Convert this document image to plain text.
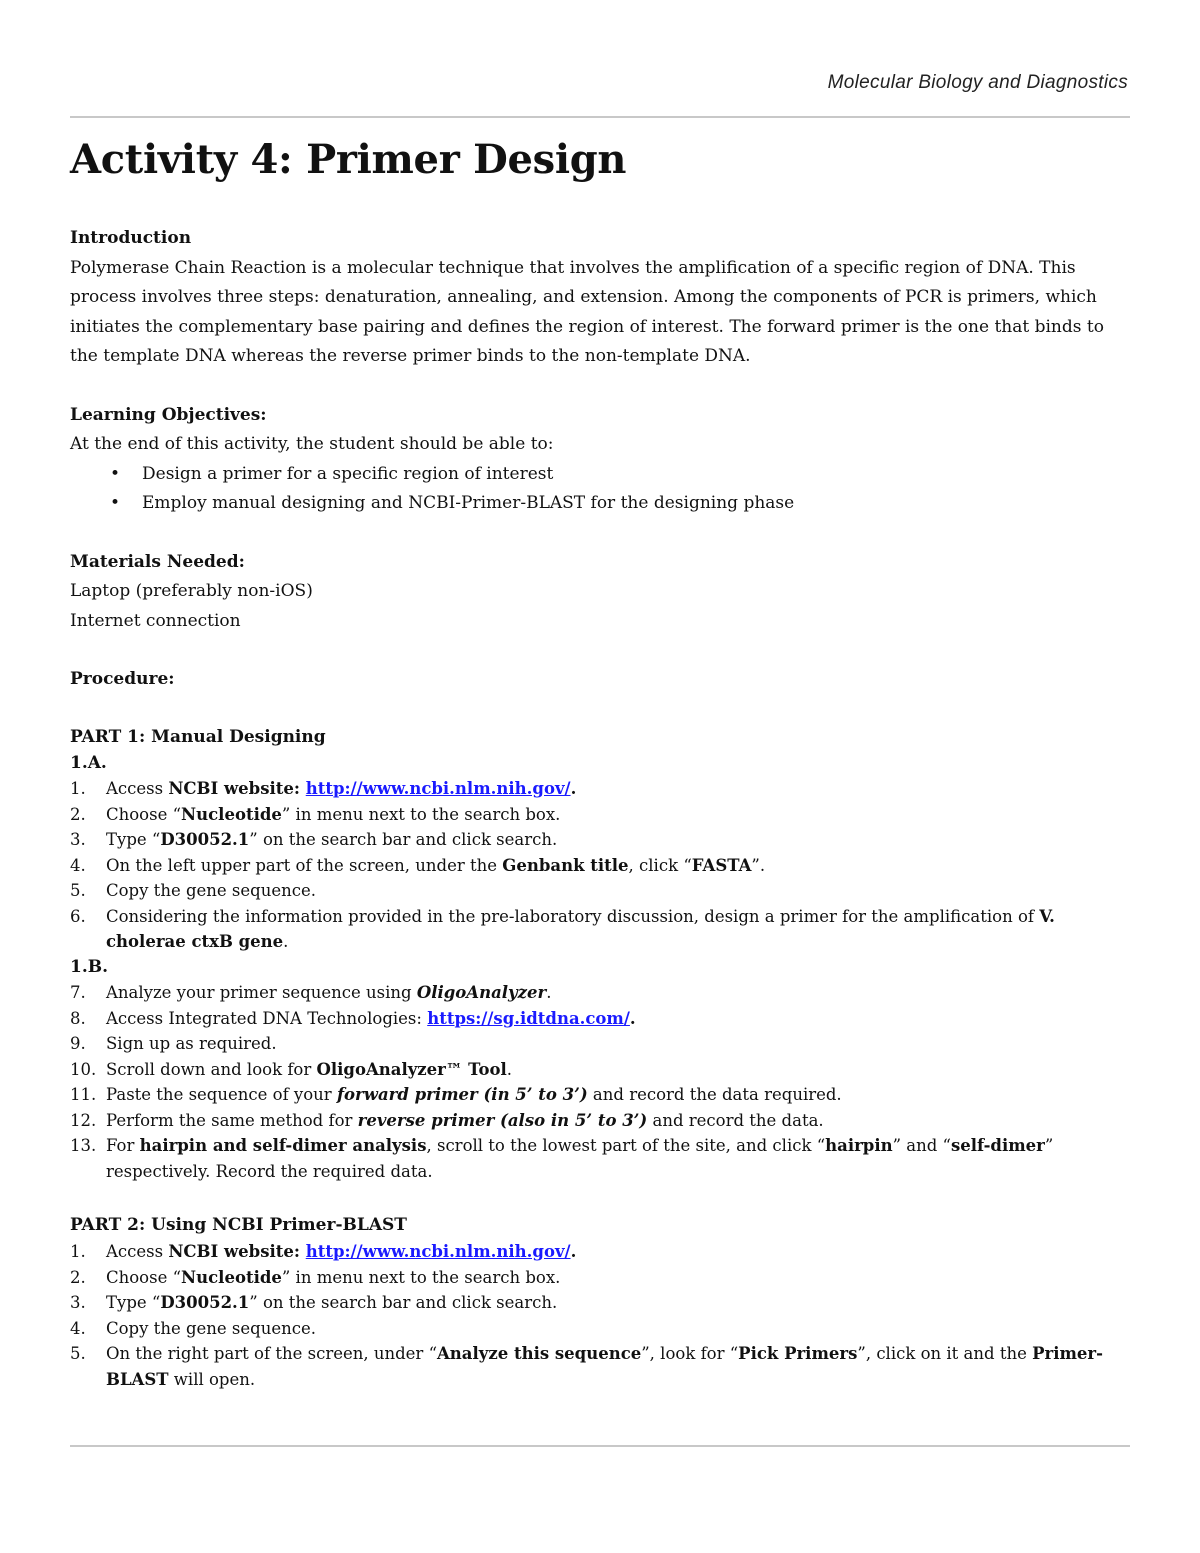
Molecular Biology and Diagnostics
Activity 4: Primer Design
Introduction

Polymerase Chain Reaction is a molecular technique that involves the amplification of a specific region of DNA. This process involves three steps: denaturation, annealing, and extension. Among the components of PCR is primers, which initiates the complementary base pairing and defines the region of interest. The forward primer is the one that binds to the template DNA whereas the reverse primer binds to the non-template DNA.

Learning Objectives:

At the end of this activity, the student should be able to:

• Design a primer for a specific region of interest
• Employ manual designing and NCBI-Primer-BLAST for the designing phase
Materials Needed:

Laptop (preferably non-iOS)

Internet connection

Procedure:
PART 1: Manual Designing
1.A.
1. Access NCBI website: http://www.ncbi.nlm.nih.gov/.
2. Choose “Nucleotide” in menu next to the search box.
3. Type “D30052.1” on the search bar and click search.
4. On the left upper part of the screen, under the Genbank title, click “FASTA”.
5. Copy the gene sequence.
6. Considering the information provided in the pre-laboratory discussion, design a primer for the amplification of V. cholerae ctxB gene.
1.B.
7. Analyze your primer sequence using OligoAnalyzer.
8. Access Integrated DNA Technologies: https://sg.idtdna.com/.
9. Sign up as required.
10. Scroll down and look for OligoAnalyzer™ Tool.
11. Paste the sequence of your forward primer (in 5’ to 3’) and record the data required.
12. Perform the same method for reverse primer (also in 5’ to 3’) and record the data.
13. For hairpin and self-dimer analysis, scroll to the lowest part of the site, and click “hairpin” and “self-dimer” respectively. Record the required data.
PART 2: Using NCBI Primer-BLAST
1. Access NCBI website: http://www.ncbi.nlm.nih.gov/.
2. Choose “Nucleotide” in menu next to the search box.
3. Type “D30052.1” on the search bar and click search.
4. Copy the gene sequence.
5. On the right part of the screen, under “Analyze this sequence”, look for “Pick Primers”, click on it and the Primer-BLAST will open.
